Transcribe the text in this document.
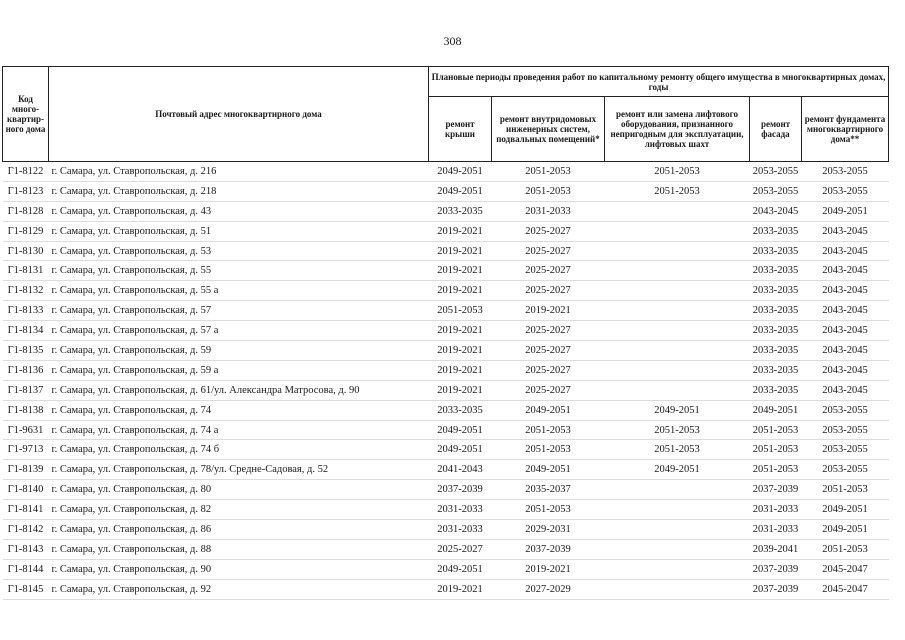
308
Код много-квартир-ного дома	Почтовый адрес многоквартирного дома	Плановые периоды проведения работ по капитальному ремонту общего имущества в многоквартирных домах, годы				
		ремонт крыши	ремонт внутридомовых инженерных систем, подвальных помещений*	ремонт или замена лифтового оборудования, признанного непригодным для эксплуатации, лифтовых шахт	ремонт фасада	ремонт фундамента многоквартирного дома**
Г1-8122	г. Самара, ул. Ставропольская, д. 216	2049-2051	2051-2053	2051-2053	2053-2055	2053-2055
Г1-8123	г. Самара, ул. Ставропольская, д. 218	2049-2051	2051-2053	2051-2053	2053-2055	2053-2055
Г1-8128	г. Самара, ул. Ставропольская, д. 43	2033-2035	2031-2033		2043-2045	2049-2051
Г1-8129	г. Самара, ул. Ставропольская, д. 51	2019-2021	2025-2027		2033-2035	2043-2045
Г1-8130	г. Самара, ул. Ставропольская, д. 53	2019-2021	2025-2027		2033-2035	2043-2045
Г1-8131	г. Самара, ул. Ставропольская, д. 55	2019-2021	2025-2027		2033-2035	2043-2045
Г1-8132	г. Самара, ул. Ставропольская, д. 55 а	2019-2021	2025-2027		2033-2035	2043-2045
Г1-8133	г. Самара, ул. Ставропольская, д. 57	2051-2053	2019-2021		2033-2035	2043-2045
Г1-8134	г. Самара, ул. Ставропольская, д. 57 а	2019-2021	2025-2027		2033-2035	2043-2045
Г1-8135	г. Самара, ул. Ставропольская, д. 59	2019-2021	2025-2027		2033-2035	2043-2045
Г1-8136	г. Самара, ул. Ставропольская, д. 59 а	2019-2021	2025-2027		2033-2035	2043-2045
Г1-8137	г. Самара, ул. Ставропольская, д. 61/ул. Александра Матросова, д. 90	2019-2021	2025-2027		2033-2035	2043-2045
Г1-8138	г. Самара, ул. Ставропольская, д. 74	2033-2035	2049-2051	2049-2051	2049-2051	2053-2055
Г1-9631	г. Самара, ул. Ставропольская, д. 74 а	2049-2051	2051-2053	2051-2053	2051-2053	2053-2055
Г1-9713	г. Самара, ул. Ставропольская, д. 74 б	2049-2051	2051-2053	2051-2053	2051-2053	2053-2055
Г1-8139	г. Самара, ул. Ставропольская, д. 78/ул. Средне-Садовая, д. 52	2041-2043	2049-2051	2049-2051	2051-2053	2053-2055
Г1-8140	г. Самара, ул. Ставропольская, д. 80	2037-2039	2035-2037		2037-2039	2051-2053
Г1-8141	г. Самара, ул. Ставропольская, д. 82	2031-2033	2051-2053		2031-2033	2049-2051
Г1-8142	г. Самара, ул. Ставропольская, д. 86	2031-2033	2029-2031		2031-2033	2049-2051
Г1-8143	г. Самара, ул. Ставропольская, д. 88	2025-2027	2037-2039		2039-2041	2051-2053
Г1-8144	г. Самара, ул. Ставропольская, д. 90	2049-2051	2019-2021		2037-2039	2045-2047
Г1-8145	г. Самара, ул. Ставропольская, д. 92	2019-2021	2027-2029		2037-2039	2045-2047
